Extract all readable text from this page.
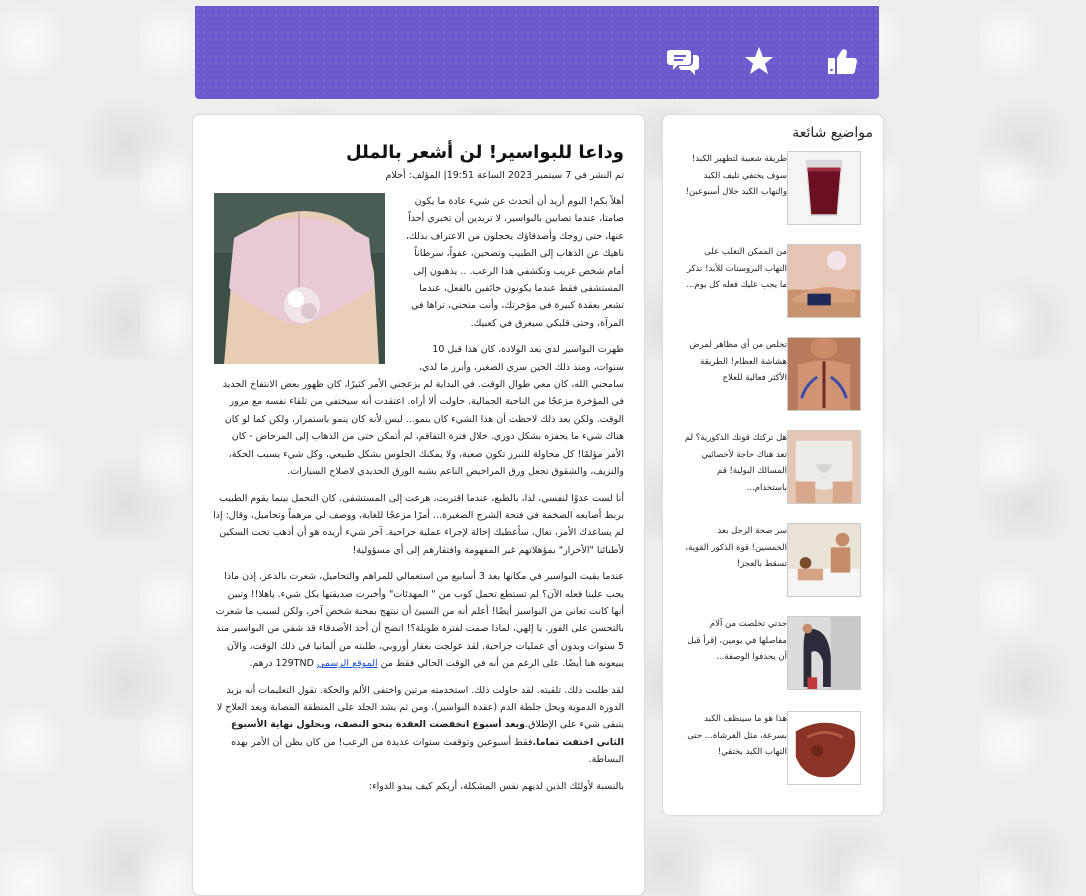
وداعا للبواسير! لن أشعر بالملل
تم النشر في 7 سبتمبر 2023 الساعة 19:51| المؤلف: أحلام

أهلاً بكم! اليوم أريد أن أتحدث عن شيء عادة ما يكون صامتا، عندما تصابين بالبواسير، لا تريدين أن تخبري أحداً عنها، حتى زوجك وأصدقاؤك يخجلون من الاعتراف بذلك، ناهيك عن الذهاب إلى الطبيب وتصحين، عفواً، سرطاناً أمام شخص غريب وتكشفي هذا الرعب. .. يذهبون إلى المستشفى فقط عندما يكونون خائفين بالفعل، عندما تشعر بعقدة كبيرة في مؤخرتك، وأنت منحني، تراها في المرآة، وحتى قلبكي سيغرق في كعبيك.

ظهرت البواسير لدي بعد الولادة، كان هذا قبل 10 سنوات، ومنذ ذلك الحين سري الصغير، وأبرز ما لدي، سامحني الله، كان معي طوال الوقت. في البداية لم يزعجني الأمر كثيرًا، كان ظهور بعض الانتفاخ الجديد في المؤخرة مزعجًا من الناحية الجمالية. حاولت ألا أراه. اعتقدت أنه سيختفي من تلقاء نفسه مع مرور الوقت. ولكن بعد ذلك لاحظت أن هذا الشيء كان ينمو... ليس لأنه كان ينمو باستمرار، ولكن كما لو كان هناك شيء ما يحفزه بشكل دوري. خلال فترة التفاقم، لم أتمكن حتى من الذهاب إلى المرحاض - كان الأمر مؤلمًا! كل محاولة للتبرز تكون صعبة، ولا يمكنك الجلوس بشكل طبيعي، وكل شيء يسبب الحكة، والنزيف، والشقوق تجعل ورق المراحيض الناعم يشبه الورق الحديدي لاصلاح السيارات.

أنا لست عدوًا لنفسي، لذا، بالطبع، عندما اقتربت، هرعت إلى المستشفى. كان التحمل بينما يقوم الطبيب بربط أصابعه الضخمة في فتحة الشرج الصغيرة... أمرًا مزعجًا للغاية، ووصف لي مرهماً وتحاميل، وقال: إذا لم يساعدك الأمر، تعال، سأعطيك إحالة لإجراء عملية جراحية. آخر شيء أريده هو أن أذهب تحت السكين لأطبائنا "الأحرار" بمؤهلاتهم غير المفهومة وافتقارهم إلى أي مسؤولية!

عندما بقيت البواسير في مكانها بعد 3 أسابيع من استعمالي للمراهم والتحاميل، شعرت بالذعر. إذن ماذا يجب علينا فعله الآن؟ لم تستطع تحمل كوب من " المهدئات" وأخبرت صديقتها بكل شيء. ياهلا!! وتبين أنها كانت تعاني من البواسير أيضًا! أعلم أنه من السيئ أن نبتهج بمحنة شخص آخر، ولكن لسبب ما شعرت بالتحسن على الفور. يا إلهي، لماذا صمت لفترة طويلة؟! اتضح أن أحد الأصدقاء قد شفي من البواسير منذ 5 سنوات وبدون أي عمليات جراحية. لقد عولجت بعقار أوروبي، طلبته من ألمانيا في ذلك الوقت، والآن يبيعونه هنا أيضًا. على الرغم من أنه في الوقت الحالي فقط من الموقع الرسمي 129TND درهم.

لقد طلبت ذلك. تلقيته. لقد حاولت ذلك. استخدمته مرتين واختفى الألم والحكة. تقول التعليمات أنه يزيد الدورة الدموية ويحل جلطة الدم (عقدة البواسير)، ومن ثم يشد الجلد على المنطقة المصابة ويعد العلاج لا يتبقى شيء على الإطلاق.وبعد أسبوع انخفضت العقدة بنحو النصف، وبحلول نهاية الأسبوع الثاني اختفت تماما.فقط أسبوعين وتوقفت سنوات عديدة من الرعب! من كان يظن أن الأمر بهذه البساطة.

بالنسبة لأولئك الذين لديهم نفس المشكلة، أريكم كيف يبدو الدواء:

مواضيع شائعة
طريقة شعبية لتطهير الكبد! سوف يختفي تليف الكبد والتهاب الكبد خلال أسبوعين!
من الممكن التغلب على التهاب البروستات للأبد! تذكر ما يجب عليك فعله كل يوم...
تخلص من أي مظاهر لمرض هشاشة العظام! الطريقة الأكثر فعالية للعلاج
هل تركتك قوتك الذكورية؟ لم تعد هناك حاجة لأخصائيي المسالك البولية! قم باستخدام...
سر صحة الرجل بعد الخمسين! قوة الذكور القوية، تسقط بالعجز!
جدتي تخلصت من آلام مفاصلها في يومين، إقرأ قبل أن يحذفوا الوصفة...
هذا هو ما سينظف الكبد بسرعة، مثل الفرشاة... حتى التهاب الكبد يختفي!
